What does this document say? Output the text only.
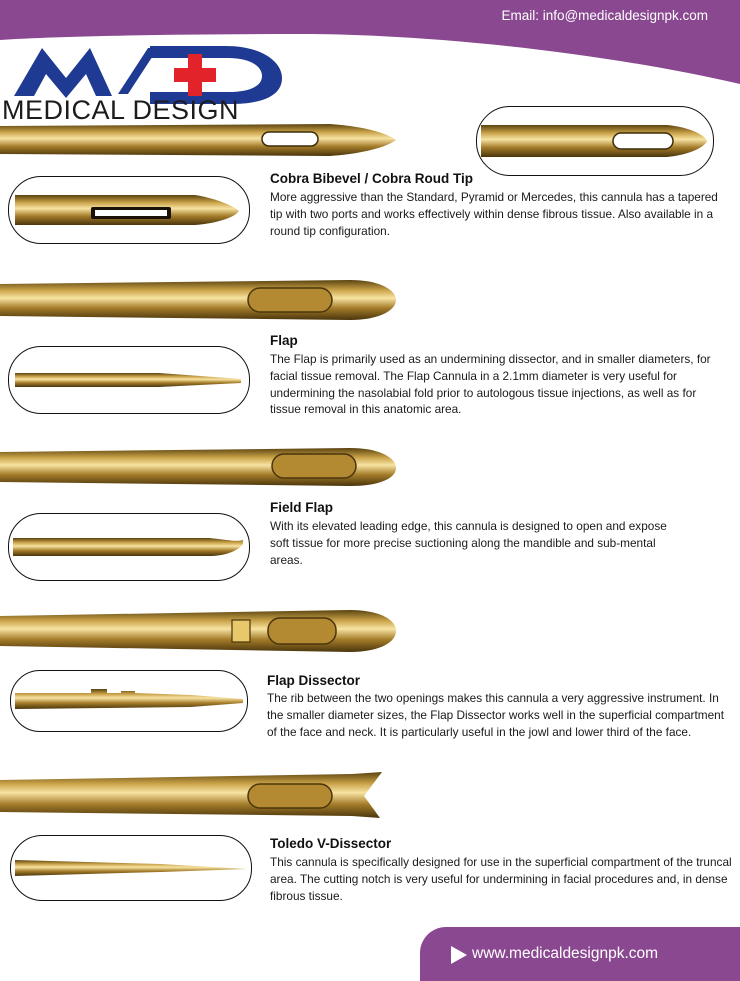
Email: info@medicaldesignpk.com
MEDICAL DESIGN
Cobra Bibevel / Cobra Roud Tip
More aggressive than the Standard, Pyramid or Mercedes, this cannula has a tapered tip with two ports and works effectively within dense fibrous tissue. Also available in a round tip configuration.
Flap
The Flap is primarily used as an undermining dissector, and in smaller diameters, for facial tissue removal. The Flap Cannula in a 2.1mm diameter is very useful for undermining the nasolabial fold prior to autologous tissue injections, as well as for tissue removal in this anatomic area.
Field Flap
With its elevated leading edge, this cannula is designed to open and expose soft tissue for more precise suctioning along the mandible and sub-mental areas.
Flap Dissector
The rib between the two openings makes this cannula a very aggressive instrument. In the smaller diameter sizes, the Flap Dissector works well in the superficial compartment of the face and neck. It is particularly useful in the jowl and lower third of the face.
Toledo V-Dissector
This cannula is specifically designed for use in the superficial compartment of the truncal area. The cutting notch is very useful for undermining in facial procedures and, in dense fibrous tissue.
www.medicaldesignpk.com
